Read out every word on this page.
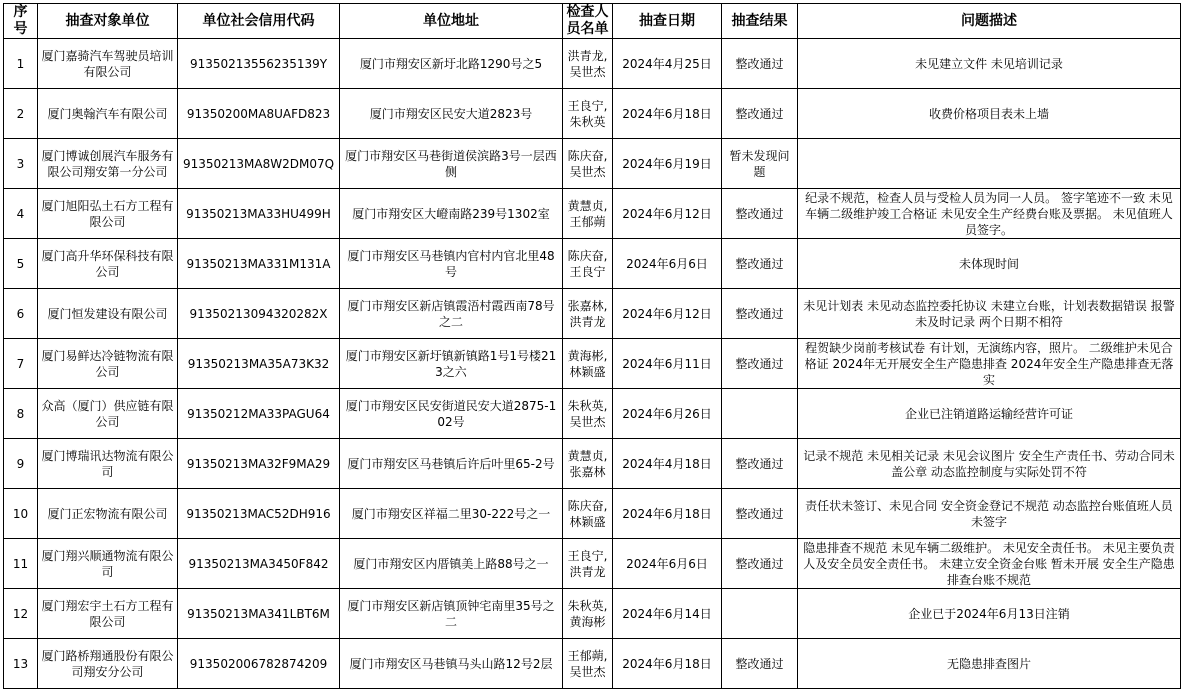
序号	抽查对象单位	单位社会信用代码	单位地址	检查人员名单	抽查日期	抽查结果	问题描述
1	厦门嘉骑汽车驾驶员培训有限公司	91350213556235139Y	厦门市翔安区新圩北路1290号之5	洪青龙,吴世杰	2024年4月25日	整改通过	未见建立文件 未见培训记录
2	厦门奥翰汽车有限公司	91350200MA8UAFD823	厦门市翔安区民安大道2823号	王良宁,朱秋英	2024年6月18日	整改通过	收费价格项目表未上墙
3	厦门博诚创展汽车服务有限公司翔安第一分公司	91350213MA8W2DM07Q	厦门市翔安区马巷街道侯滨路3号一层西侧	陈庆奋,吴世杰	2024年6月19日	暂未发现问题	
4	厦门旭阳弘土石方工程有限公司	91350213MA33HU499H	厦门市翔安区大嶝南路239号1302室	黄慧贞,王郁蒴	2024年6月12日	整改通过	纪录不规范，检查人员与受检人员为同一人员。 签字笔迹不一致 未见车辆二级维护竣工合格证 未见安全生产经费台账及票据。 未见值班人员签字。
5	厦门高升华环保科技有限公司	91350213MA331M131A	厦门市翔安区马巷镇内官村内官北里48号	陈庆奋,王良宁	2024年6月6日	整改通过	未体现时间
6	厦门恒发建设有限公司	91350213094320282X	厦门市翔安区新店镇霞浯村霞西南78号之二	张嘉林,洪青龙	2024年6月12日	整改通过	未见计划表 未见动态监控委托协议 未建立台账，计划表数据错误 报警未及时记录 两个日期不相符
7	厦门易鲜达冷链物流有限公司	91350213MA35A73K32	厦门市翔安区新圩镇新镇路1号1号楼213之六	黄海彬,林颖盛	2024年6月11日	整改通过	程贺缺少岗前考核试卷 有计划，无演练内容，照片。 二级维护未见合格证 2024年无开展安全生产隐患排查 2024年安全生产隐患排查无落实
8	众高（厦门）供应链有限公司	91350212MA33PAGU64	厦门市翔安区民安街道民安大道2875-102号	朱秋英,吴世杰	2024年6月26日		企业已注销道路运输经营许可证
9	厦门博瑞讯达物流有限公司	91350213MA32F9MA29	厦门市翔安区马巷镇后许后叶里65-2号	黄慧贞,张嘉林	2024年4月18日	整改通过	记录不规范 未见相关记录 未见会议图片 安全生产责任书、劳动合同未盖公章 动态监控制度与实际处罚不符
10	厦门正宏物流有限公司	91350213MAC52DH916	厦门市翔安区祥福二里30-222号之一	陈庆奋,林颖盛	2024年6月18日	整改通过	责任状未签订、未见合同 安全资金登记不规范 动态监控台账值班人员未签字
11	厦门翔兴顺通物流有限公司	91350213MA3450F842	厦门市翔安区内厝镇美上路88号之一	王良宁,洪青龙	2024年6月6日	整改通过	隐患排查不规范 未见车辆二级维护。 未见安全责任书。 未见主要负责人及安全员安全责任书。 未建立安全资金台账 暂未开展 安全生产隐患排查台账不规范
12	厦门翔宏宇土石方工程有限公司	91350213MA341LBT6M	厦门市翔安区新店镇顶钟宅南里35号之二	朱秋英,黄海彬	2024年6月14日		企业已于2024年6月13日注销
13	厦门路桥翔通股份有限公司翔安分公司	913502006782874209	厦门市翔安区马巷镇马头山路12号2层	王郁蒴,吴世杰	2024年6月18日	整改通过	无隐患排查图片
